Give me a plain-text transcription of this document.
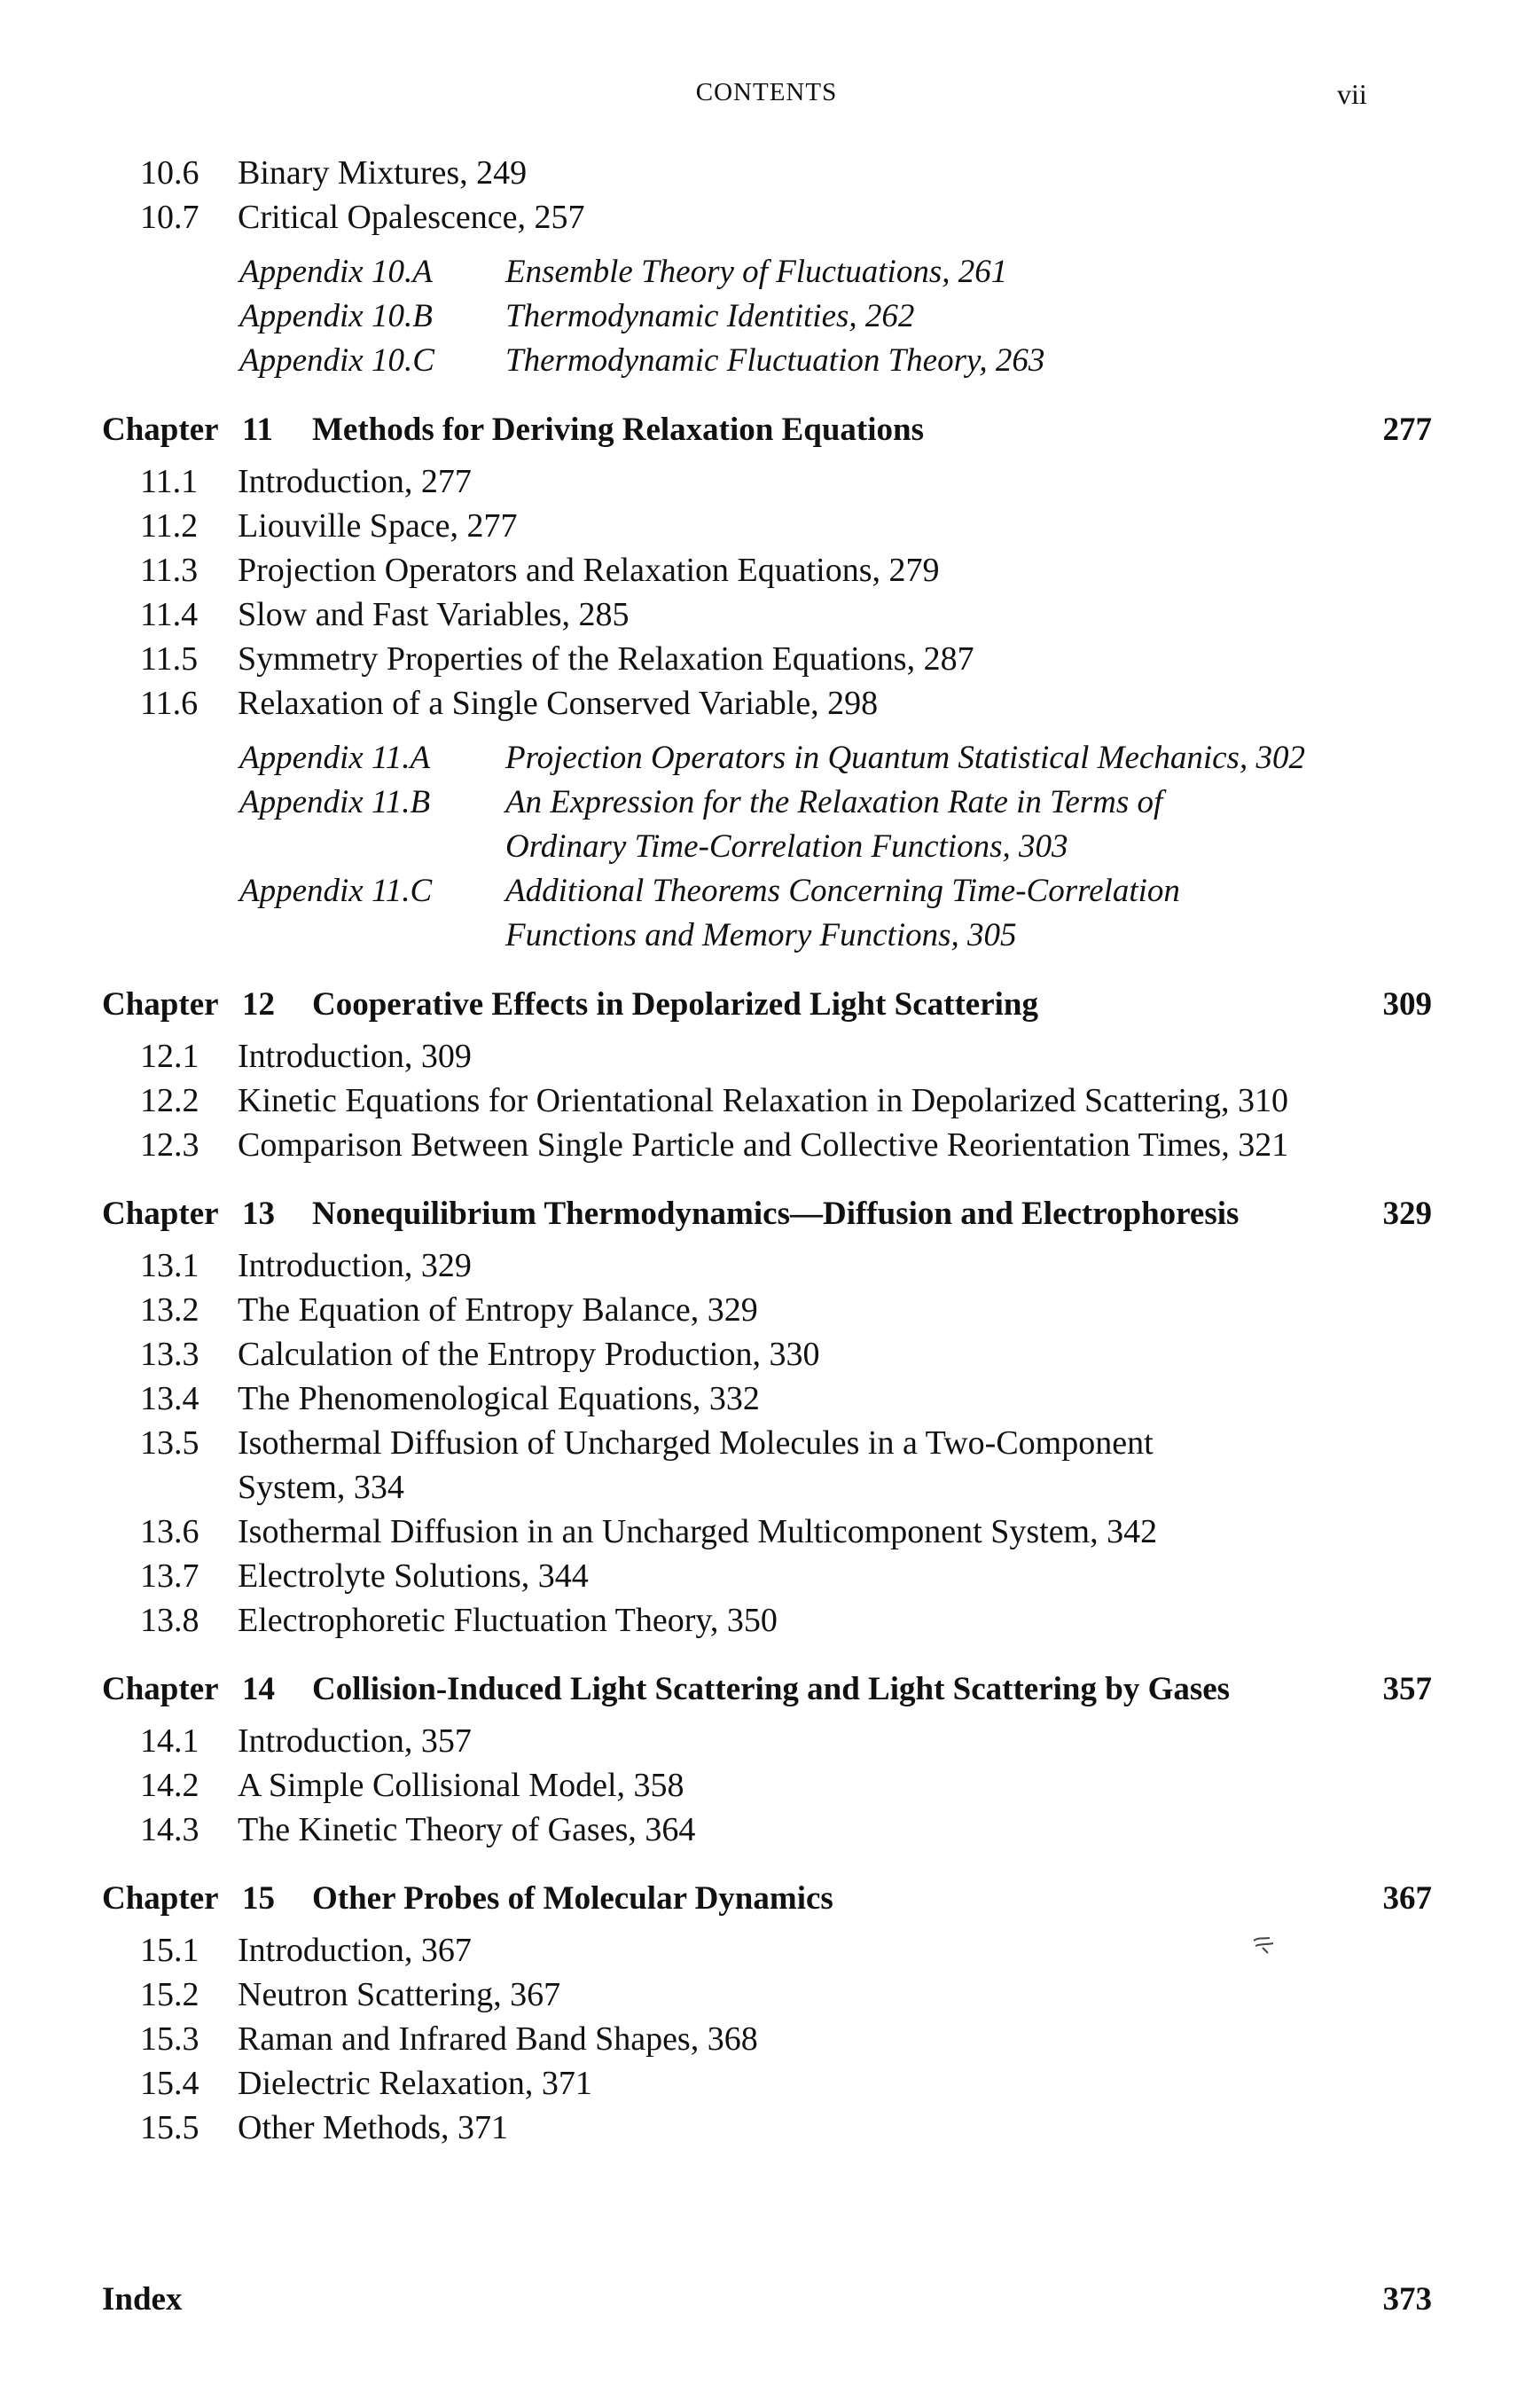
CONTENTS	vii
10.6 Binary Mixtures, 249
10.7 Critical Opalescence, 257
Appendix 10.A Ensemble Theory of Fluctuations, 261
Appendix 10.B Thermodynamic Identities, 262
Appendix 10.C Thermodynamic Fluctuation Theory, 263
Chapter 11 Methods for Deriving Relaxation Equations	277
11.1 Introduction, 277
11.2 Liouville Space, 277
11.3 Projection Operators and Relaxation Equations, 279
11.4 Slow and Fast Variables, 285
11.5 Symmetry Properties of the Relaxation Equations, 287
11.6 Relaxation of a Single Conserved Variable, 298
Appendix 11.A Projection Operators in Quantum Statistical Mechanics, 302
Appendix 11.B An Expression for the Relaxation Rate in Terms of
Ordinary Time-Correlation Functions, 303
Appendix 11.C Additional Theorems Concerning Time-Correlation
Functions and Memory Functions, 305
Chapter 12 Cooperative Effects in Depolarized Light Scattering	309
12.1 Introduction, 309
12.2 Kinetic Equations for Orientational Relaxation in Depolarized Scattering, 310
12.3 Comparison Between Single Particle and Collective Reorientation Times, 321
Chapter 13 Nonequilibrium Thermodynamics—Diffusion and Electrophoresis	329
13.1 Introduction, 329
13.2 The Equation of Entropy Balance, 329
13.3 Calculation of the Entropy Production, 330
13.4 The Phenomenological Equations, 332
13.5 Isothermal Diffusion of Uncharged Molecules in a Two-Component
System, 334
13.6 Isothermal Diffusion in an Uncharged Multicomponent System, 342
13.7 Electrolyte Solutions, 344
13.8 Electrophoretic Fluctuation Theory, 350
Chapter 14 Collision-Induced Light Scattering and Light Scattering by Gases	357
14.1 Introduction, 357
14.2 A Simple Collisional Model, 358
14.3 The Kinetic Theory of Gases, 364
Chapter 15 Other Probes of Molecular Dynamics	367
15.1 Introduction, 367
15.2 Neutron Scattering, 367
15.3 Raman and Infrared Band Shapes, 368
15.4 Dielectric Relaxation, 371
15.5 Other Methods, 371
Index	373
